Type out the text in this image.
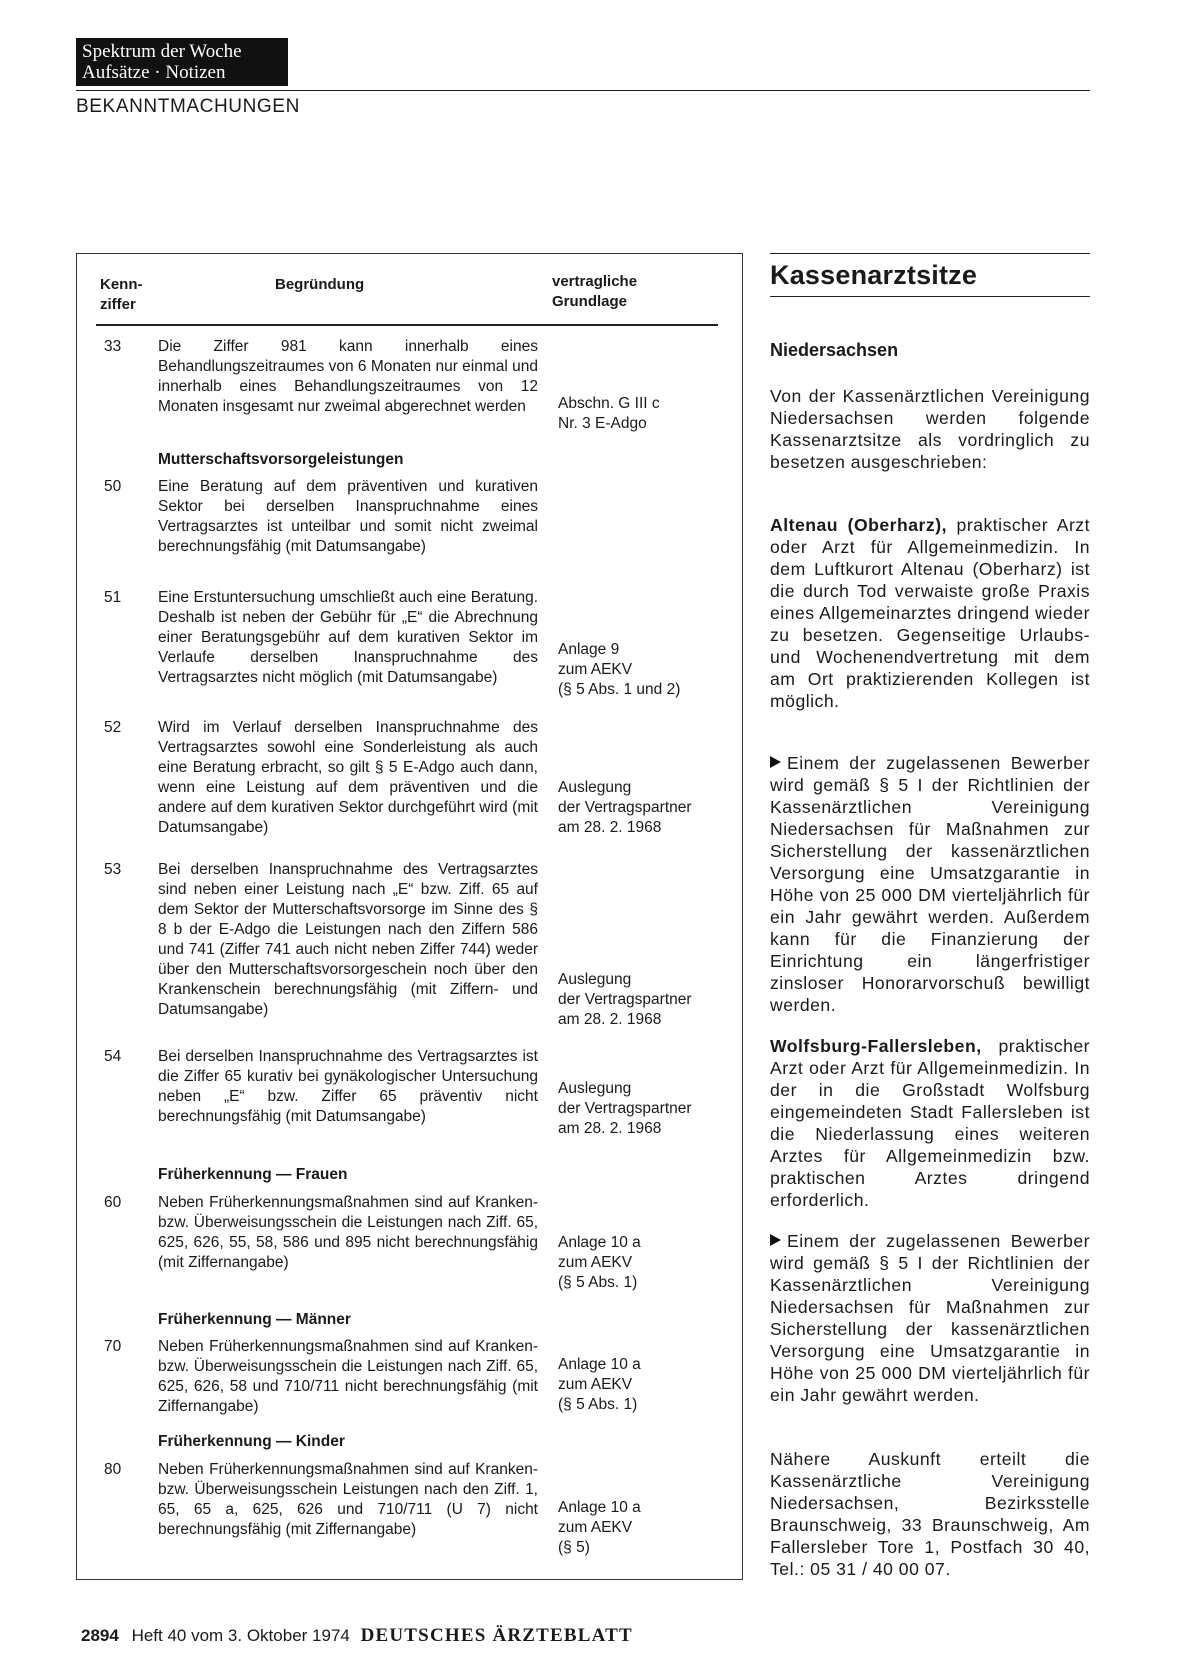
Spektrum der Woche
Aufsätze · Notizen
BEKANNTMACHUNGEN
Kenn-
ziffer
Begründung	vertragliche
Grundlage
33	Die Ziffer 981 kann innerhalb eines Behandlungszeitraumes von 6 Monaten nur einmal und innerhalb eines Behandlungszeitraumes von 12 Monaten insgesamt nur zweimal abgerechnet werden	Abschn. G III c
Nr. 3 E-Adgo
Mutterschaftsvorsorgeleistungen
50	Eine Beratung auf dem präventiven und kurativen Sektor bei derselben Inanspruchnahme eines Vertragsarztes ist unteilbar und somit nicht zweimal berechnungsfähig (mit Datumsangabe)
51	Eine Erstuntersuchung umschließt auch eine Beratung. Deshalb ist neben der Gebühr für „E“ die Abrechnung einer Beratungsgebühr auf dem kurativen Sektor im Verlaufe derselben Inanspruchnahme des Vertragsarztes nicht möglich (mit Datumsangabe)
Anlage 9
zum AEKV
(§ 5 Abs. 1 und 2)
52	Wird im Verlauf derselben Inanspruchnahme des Vertragsarztes sowohl eine Sonderleistung als auch eine Beratung erbracht, so gilt § 5 E-Adgo auch dann, wenn eine Leistung auf dem präventiven und die andere auf dem kurativen Sektor durchgeführt wird (mit Datumsangabe)
Auslegung
der Vertragspartner
am 28. 2. 1968
53	Bei derselben Inanspruchnahme des Vertragsarztes sind neben einer Leistung nach „E“ bzw. Ziff. 65 auf dem Sektor der Mutterschaftsvorsorge im Sinne des § 8 b der E-Adgo die Leistungen nach den Ziffern 586 und 741 (Ziffer 741 auch nicht neben Ziffer 744) weder über den Mutterschaftsvorsorgeschein noch über den Krankenschein berechnungsfähig (mit Ziffern- und Datumsangabe)
Auslegung
der Vertragspartner
am 28. 2. 1968
54	Bei derselben Inanspruchnahme des Vertragsarztes ist die Ziffer 65 kurativ bei gynäkologischer Untersuchung neben „E“ bzw. Ziffer 65 präventiv nicht berechnungsfähig (mit Datumsangabe)
Auslegung
der Vertragspartner
am 28. 2. 1968
Früherkennung — Frauen
60	Neben Früherkennungsmaßnahmen sind auf Kranken- bzw. Überweisungsschein die Leistungen nach Ziff. 65, 625, 626, 55, 58, 586 und 895 nicht berechnungsfähig (mit Ziffernangabe)
Anlage 10 a
zum AEKV
(§ 5 Abs. 1)
Früherkennung — Männer
70	Neben Früherkennungsmaßnahmen sind auf Kranken- bzw. Überweisungsschein die Leistungen nach Ziff. 65, 625, 626, 58 und 710/711 nicht berechnungsfähig (mit Ziffernangabe)
Anlage 10 a
zum AEKV
(§ 5 Abs. 1)
Früherkennung — Kinder
80	Neben Früherkennungsmaßnahmen sind auf Kranken- bzw. Überweisungsschein Leistungen nach den Ziff. 1, 65, 65 a, 625, 626 und 710/711 (U 7) nicht berechnungsfähig (mit Ziffernangabe)
Anlage 10 a
zum AEKV
(§ 5)
Kassenarztsitze
Niedersachsen

Von der Kassenärztlichen Vereinigung Niedersachsen werden folgende Kassenarztsitze als vordringlich zu besetzen ausgeschrieben:

Altenau (Oberharz), praktischer Arzt oder Arzt für Allgemeinmedizin. In dem Luftkurort Altenau (Oberharz) ist die durch Tod verwaiste große Praxis eines Allgemeinarztes dringend wieder zu besetzen. Gegenseitige Urlaubs- und Wochenendvertretung mit dem am Ort praktizierenden Kollegen ist möglich.

Einem der zugelassenen Bewerber wird gemäß § 5 I der Richtlinien der Kassenärztlichen Vereinigung Niedersachsen für Maßnahmen zur Sicherstellung der kassenärztlichen Versorgung eine Umsatzgarantie in Höhe von 25 000 DM vierteljährlich für ein Jahr gewährt werden. Außerdem kann für die Finanzierung der Einrichtung ein längerfristiger zinsloser Honorarvorschuß bewilligt werden.

Wolfsburg-Fallersleben, praktischer Arzt oder Arzt für Allgemeinmedizin. In der in die Großstadt Wolfsburg eingemeindeten Stadt Fallersleben ist die Niederlassung eines weiteren Arztes für Allgemeinmedizin bzw. praktischen Arztes dringend erforderlich.

Einem der zugelassenen Bewerber wird gemäß § 5 I der Richtlinien der Kassenärztlichen Vereinigung Niedersachsen für Maßnahmen zur Sicherstellung der kassenärztlichen Versorgung eine Umsatzgarantie in Höhe von 25 000 DM vierteljährlich für ein Jahr gewährt werden.

Nähere Auskunft erteilt die Kassenärztliche Vereinigung Niedersachsen, Bezirksstelle Braunschweig, 33 Braunschweig, Am Fallersleber Tore 1, Postfach 30 40, Tel.: 05 31 / 40 00 07.

2894 Heft 40 vom 3. Oktober 1974 DEUTSCHES ÄRZTEBLATT
